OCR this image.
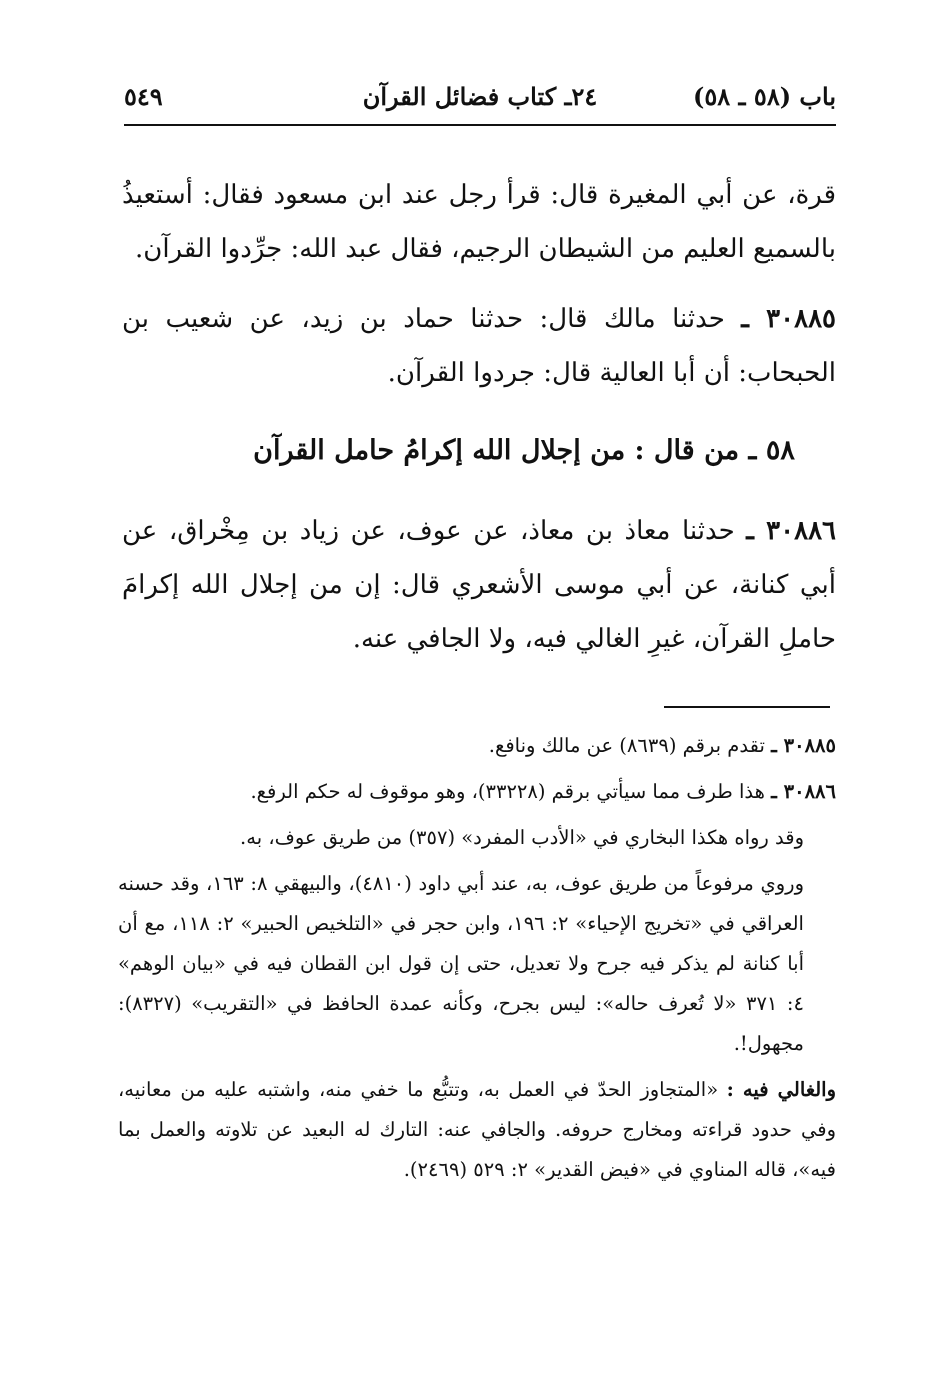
باب (٥٨ ـ ٥٨)
٢٤ـ كتاب فضائل القرآن
٥٤٩

قرة، عن أبي المغيرة قال: قرأ رجل عند ابن مسعود فقال: أستعيذُ بالسميع العليم من الشيطان الرجيم، فقال عبد الله: جرِّدوا القرآن.

٣٠٨٨٥ ـ حدثنا مالك قال: حدثنا حماد بن زيد، عن شعيب بن الحبحاب: أن أبا العالية قال: جردوا القرآن.

٥٨ ـ من قال : من إجلال الله إكرامُ حامل القرآن

٣٠٨٨٦ ـ حدثنا معاذ بن معاذ، عن عوف، عن زياد بن مِخْراق، عن أبي كنانة، عن أبي موسى الأشعري قال: إن من إجلال الله إكرامَ حاملِ القرآن، غيرِ الغالي فيه، ولا الجافي عنه.

٣٠٨٨٥ ـ تقدم برقم (٨٦٣٩) عن مالك ونافع.

٣٠٨٨٦ ـ هذا طرف مما سيأتي برقم (٣٣٢٢٨)، وهو موقوف له حكم الرفع.

وقد رواه هكذا البخاري في «الأدب المفرد» (٣٥٧) من طريق عوف، به.

وروي مرفوعاً من طريق عوف، به، عند أبي داود (٤٨١٠)، والبيهقي ٨: ١٦٣، وقد حسنه العراقي في «تخريج الإحياء» ٢: ١٩٦، وابن حجر في «التلخيص الحبير» ٢: ١١٨، مع أن أبا كنانة لم يذكر فيه جرح ولا تعديل، حتى إن قول ابن القطان فيه في «بيان الوهم» ٤: ٣٧١ «لا تُعرف حاله»: ليس بجرح، وكأنه عمدة الحافظ في «التقريب» (٨٣٢٧): مجهول!.

والغالي فيه : «المتجاوز الحدّ في العمل به، وتتبُّع ما خفي منه، واشتبه عليه من معانيه، وفي حدود قراءته ومخارج حروفه. والجافي عنه: التارك له البعيد عن تلاوته والعمل بما فيه»، قاله المناوي في «فيض القدير» ٢: ٥٢٩ (٢٤٦٩).
